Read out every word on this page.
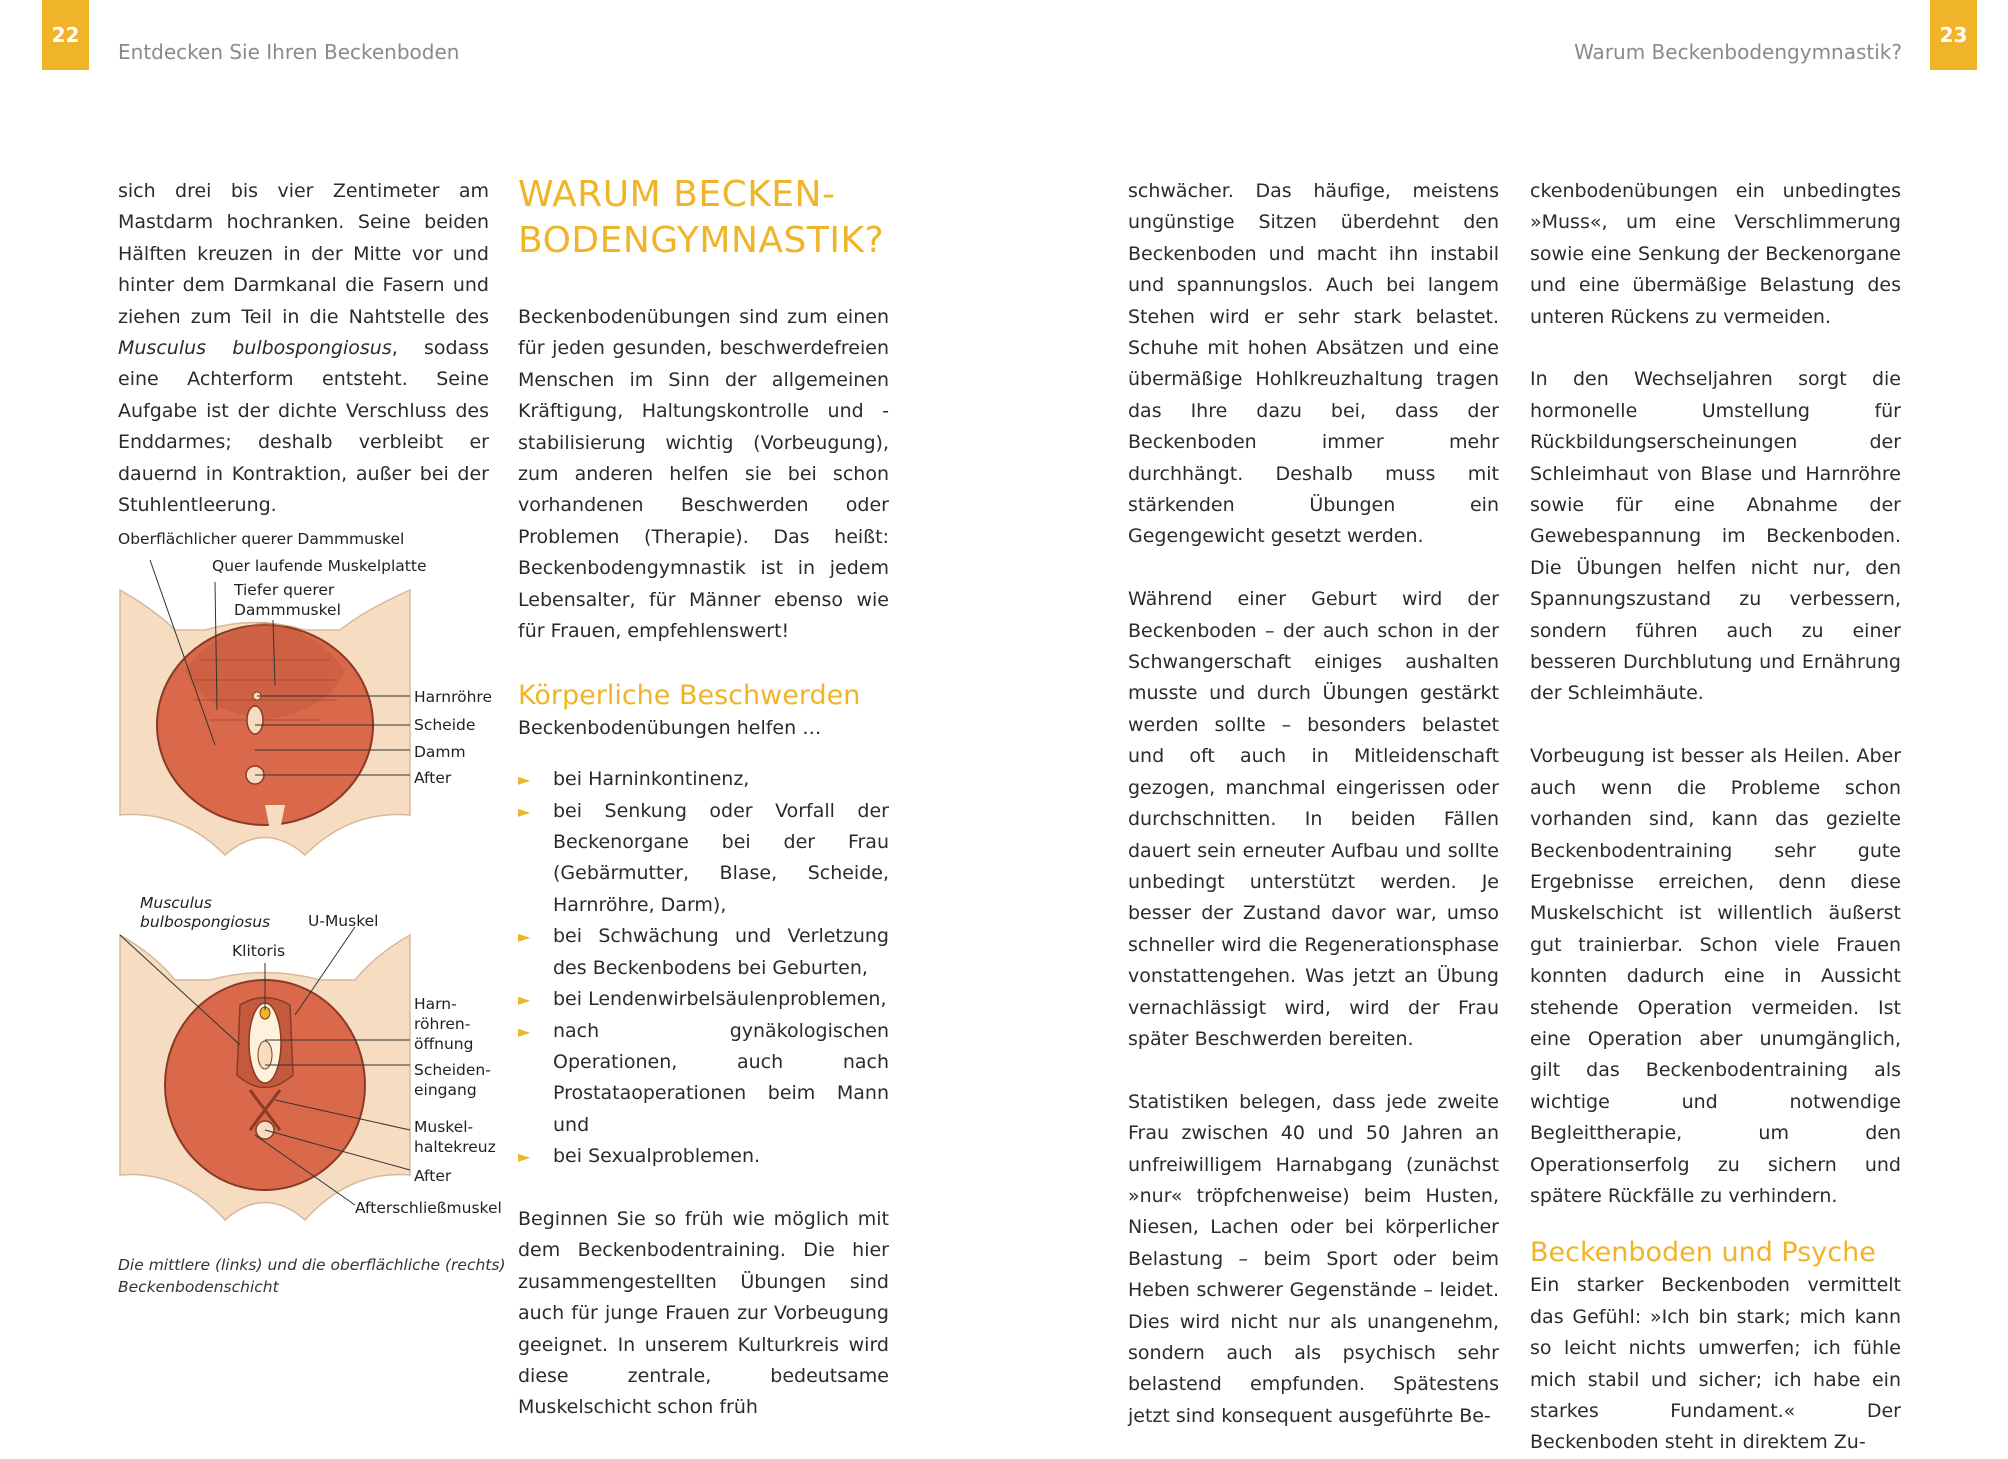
22
Entdecken Sie Ihren Beckenboden	Warum Beckenbodengymnastik?
23

sich drei bis vier Zentimeter am Mastdarm hochranken. Seine beiden Hälften kreuzen in der Mitte vor und hinter dem Darmkanal die Fasern und ziehen zum Teil in die Nahtstelle des Musculus bulbospongiosus, sodass eine Achterform entsteht. Seine Aufgabe ist der dichte Verschluss des Enddarmes; deshalb verbleibt er dauernd in Kontraktion, außer bei der Stuhlentleerung.

Oberflächlicher querer Dammmuskel
Quer laufende Muskelplatte
Tiefer querer
Dammmuskel
Harnröhre
Scheide
Damm
After
Musculus
bulbospongiosus U-Muskel
Klitoris
Harn-
röhren-
öffnung
Scheiden-
eingang
Muskel-
haltekreuz
After
Afterschließmuskel
Die mittlere (links) und die oberflächliche (rechts)
Beckenbodenschicht
WARUM BECKEN-
BODENGYMNASTIK?

Beckenbodenübungen sind zum einen für jeden gesunden, beschwerdefreien Menschen im Sinn der allgemeinen Kräftigung, Haltungskontrolle und -stabilisierung wichtig (Vorbeugung), zum anderen helfen sie bei schon vorhandenen Beschwerden oder Problemen (Therapie). Das heißt: Beckenbodengymnastik ist in jedem Lebensalter, für Männer ebenso wie für Frauen, empfehlenswert!

Körperliche Beschwerden

Beckenbodenübungen helfen …

► bei Harninkontinenz,
► bei Senkung oder Vorfall der Beckenorgane bei der Frau (Gebärmutter, Blase, Scheide, Harnröhre, Darm),
► bei Schwächung und Verletzung des Beckenbodens bei Geburten,
► bei Lendenwirbelsäulenproblemen,
► nach gynäkologischen Operationen, auch nach Prostataoperationen beim Mann und
► bei Sexualproblemen.

Beginnen Sie so früh wie möglich mit dem Beckenbodentraining. Die hier zusammengestellten Übungen sind auch für junge Frauen zur Vorbeugung geeignet. In unserem Kulturkreis wird diese zentrale, bedeutsame Muskelschicht schon früh

schwächer. Das häufige, meistens ungünstige Sitzen überdehnt den Beckenboden und macht ihn instabil und spannungslos. Auch bei langem Stehen wird er sehr stark belastet. Schuhe mit hohen Absätzen und eine übermäßige Hohlkreuzhaltung tragen das Ihre dazu bei, dass der Beckenboden immer mehr durchhängt. Deshalb muss mit stärkenden Übungen ein Gegengewicht gesetzt werden.

Während einer Geburt wird der Beckenboden – der auch schon in der Schwangerschaft einiges aushalten musste und durch Übungen gestärkt werden sollte – besonders belastet und oft auch in Mitleidenschaft gezogen, manchmal eingerissen oder durchschnitten. In beiden Fällen dauert sein erneuter Aufbau und sollte unbedingt unterstützt werden. Je besser der Zustand davor war, umso schneller wird die Regenerationsphase vonstattengehen. Was jetzt an Übung vernachlässigt wird, wird der Frau später Beschwerden bereiten.

Statistiken belegen, dass jede zweite Frau zwischen 40 und 50 Jahren an unfreiwilligem Harnabgang (zunächst »nur« tröpfchenweise) beim Husten, Niesen, Lachen oder bei körperlicher Belastung – beim Sport oder beim Heben schwerer Gegenstände – leidet. Dies wird nicht nur als unangenehm, sondern auch als psychisch sehr belastend empfunden. Spätestens jetzt sind konsequent ausgeführte Be-

ckenbodenübungen ein unbedingtes »Muss«, um eine Verschlimmerung sowie eine Senkung der Beckenorgane und eine übermäßige Belastung des unteren Rückens zu vermeiden.

In den Wechseljahren sorgt die hormonelle Umstellung für Rückbildungserscheinungen der Schleimhaut von Blase und Harnröhre sowie für eine Abnahme der Gewebespannung im Beckenboden. Die Übungen helfen nicht nur, den Spannungszustand zu verbessern, sondern führen auch zu einer besseren Durchblutung und Ernährung der Schleimhäute.

Vorbeugung ist besser als Heilen. Aber auch wenn die Probleme schon vorhanden sind, kann das gezielte Beckenbodentraining sehr gute Ergebnisse erreichen, denn diese Muskelschicht ist willentlich äußerst gut trainierbar. Schon viele Frauen konnten dadurch eine in Aussicht stehende Operation vermeiden. Ist eine Operation aber unumgänglich, gilt das Beckenbodentraining als wichtige und notwendige Begleittherapie, um den Operationserfolg zu sichern und spätere Rückfälle zu verhindern.

Beckenboden und Psyche

Ein starker Beckenboden vermittelt das Gefühl: »Ich bin stark; mich kann so leicht nichts umwerfen; ich fühle mich stabil und sicher; ich habe ein starkes Fundament.« Der Beckenboden steht in direktem Zu-
